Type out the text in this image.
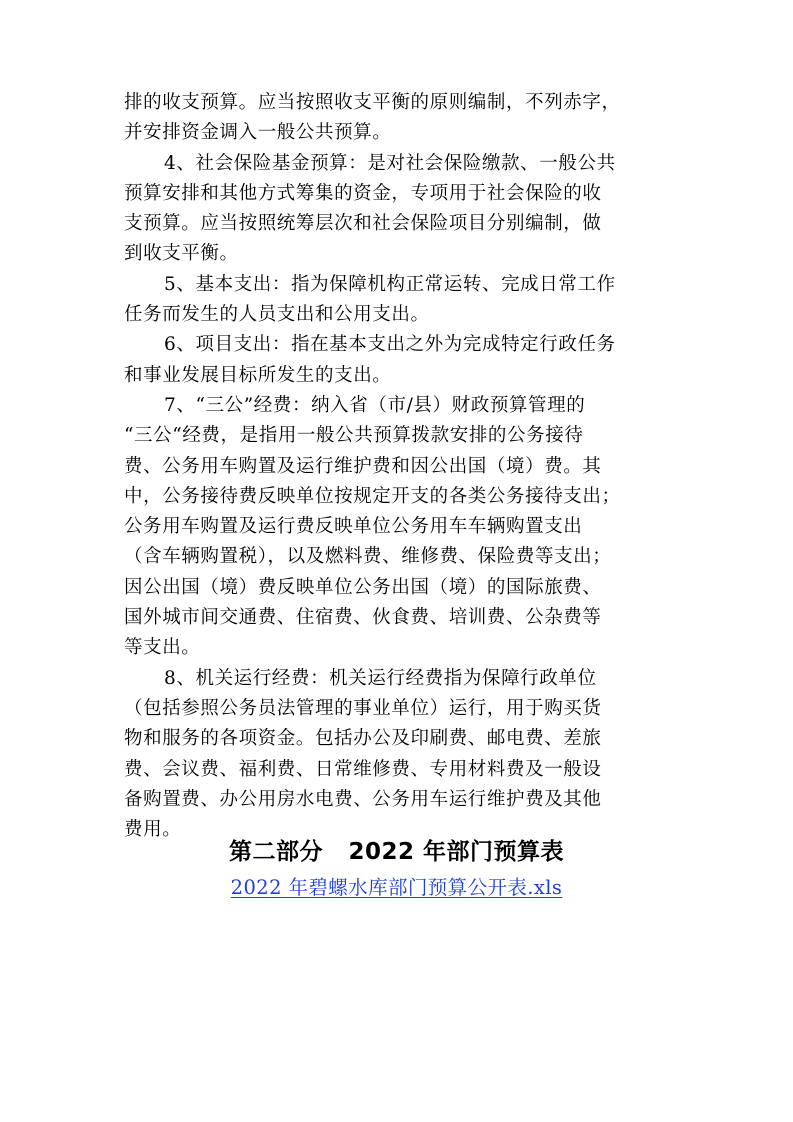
排的收支预算。应当按照收支平衡的原则编制，不列赤字，
并安排资金调入一般公共预算。
4、社会保险基金预算：是对社会保险缴款、一般公共
预算安排和其他方式筹集的资金，专项用于社会保险的收
支预算。应当按照统筹层次和社会保险项目分别编制，做
到收支平衡。
5、基本支出：指为保障机构正常运转、完成日常工作
任务而发生的人员支出和公用支出。
6、项目支出：指在基本支出之外为完成特定行政任务
和事业发展目标所发生的支出。
7、“三公”经费：纳入省（市/县）财政预算管理的
“三公“经费，是指用一般公共预算拨款安排的公务接待
费、公务用车购置及运行维护费和因公出国（境）费。其
中，公务接待费反映单位按规定开支的各类公务接待支出；
公务用车购置及运行费反映单位公务用车车辆购置支出
（含车辆购置税），以及燃料费、维修费、保险费等支出；
因公出国（境）费反映单位公务出国（境）的国际旅费、
国外城市间交通费、住宿费、伙食费、培训费、公杂费等
等支出。
8、机关运行经费：机关运行经费指为保障行政单位
（包括参照公务员法管理的事业单位）运行，用于购买货
物和服务的各项资金。包括办公及印刷费、邮电费、差旅
费、会议费、福利费、日常维修费、专用材料费及一般设
备购置费、办公用房水电费、公务用车运行维护费及其他
费用。
第二部分   2022 年部门预算表
2022 年碧螺水库部门预算公开表.xls
